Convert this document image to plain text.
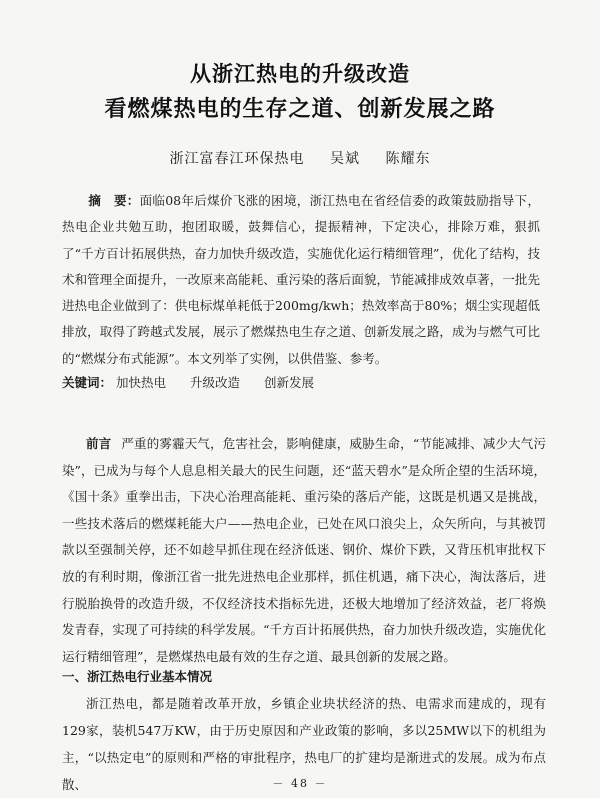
从浙江热电的升级改造
看燃煤热电的生存之道、创新发展之路
浙江富春江环保热电 吴斌 陈耀东
摘　要：面临08年后煤价飞涨的困境，浙江热电在省经信委的政策鼓励指导下，热电企业共勉互助，抱团取暖，鼓舞信心，提振精神，下定决心，排除万难，狠抓了“千方百计拓展供热，奋力加快升级改造，实施优化运行精细管理”，优化了结构，技术和管理全面提升，一改原来高能耗、重污染的落后面貌，节能减排成效卓著，一批先进热电企业做到了：供电标煤单耗低于200mg/kwh；热效率高于80%；烟尘实现超低排放，取得了跨越式发展，展示了燃煤热电生存之道、创新发展之路，成为与燃气可比的“燃煤分布式能源”。本文列举了实例，以供借鉴、参考。
关键词： 加快热电 升级改造 创新发展
前言 严重的雾霾天气，危害社会，影响健康，威胁生命，“节能减排、减少大气污染”，已成为与每个人息息相关最大的民生问题，还“蓝天碧水”是众所企望的生活环境，《国十条》重拳出击，下决心治理高能耗、重污染的落后产能，这既是机遇又是挑战，一些技术落后的燃煤耗能大户——热电企业，已处在风口浪尖上，众矢所向，与其被罚款以至强制关停，还不如趁早抓住现在经济低迷、钢价、煤价下跌，又背压机审批权下放的有利时期，像浙江省一批先进热电企业那样，抓住机遇，痛下决心，淘汰落后，进行脱胎换骨的改造升级，不仅经济技术指标先进，还极大地增加了经济效益，老厂将焕发青春，实现了可持续的科学发展。“千方百计拓展供热，奋力加快升级改造，实施优化运行精细管理”，是燃煤热电最有效的生存之道、最具创新的发展之路。
一、浙江热电行业基本情况
浙江热电，都是随着改革开放，乡镇企业块状经济的热、电需求而建成的，现有129家，装机547万KW，由于历史原因和产业政策的影响，多以25MW以下的机组为主，“以热定电”的原则和严格的审批程序，热电厂的扩建均是渐进式的发展。成为布点散、	－ 48 －
